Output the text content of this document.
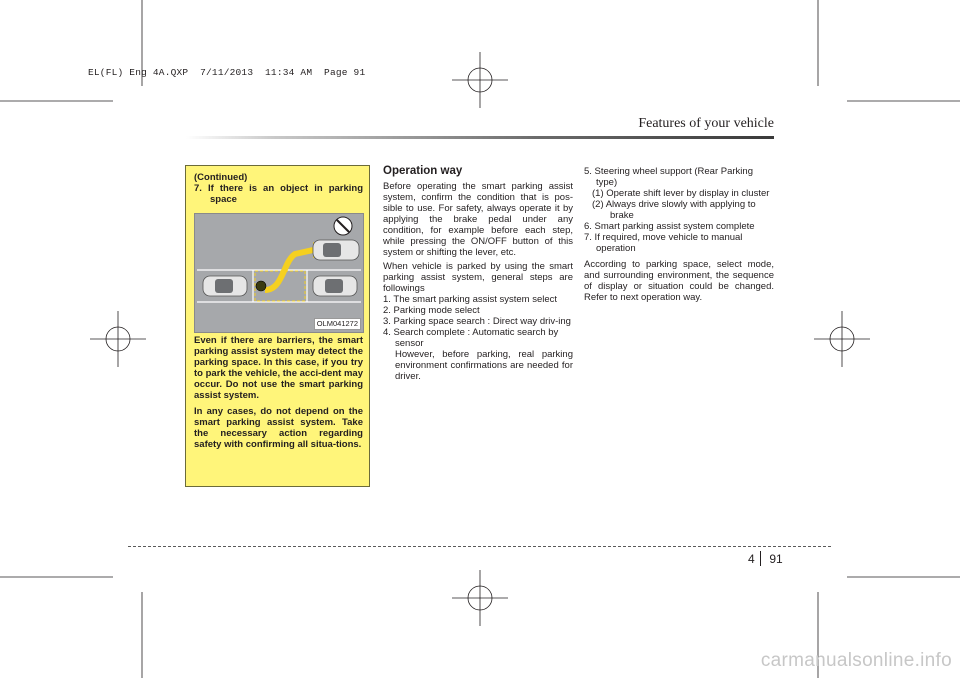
EL(FL) Eng 4A.QXP  7/11/2013  11:34 AM  Page 91
Features of your vehicle

(Continued)

7. If there is an object in parking space

OLM041272

Even if there are barriers, the smart parking assist system may detect the parking space. In this case, if you try to park the vehicle, the acci-dent may occur. Do not use the smart parking assist system.

In any cases, do not depend on the smart parking assist system. Take the necessary action regarding safety with confirming all situa-tions.

Operation way

Before operating the smart parking assist system, confirm the condition that is pos-sible to use. For safety, always operate it by applying the brake pedal under any condition, for example before each step, while pressing the ON/OFF button of this system or shifting the lever, etc.

When vehicle is parked by using the smart parking assist system, general steps are followings

1. The smart parking assist system select

2. Parking mode select

3. Parking space search : Direct way driv-ing

4. Search complete : Automatic search by sensor

However, before parking, real parking environment confirmations are needed for driver.

5. Steering wheel support (Rear Parking type)

(1) Operate shift lever by display in cluster

(2) Always drive slowly with applying to brake

6. Smart parking assist system complete

7. If required, move vehicle to manual operation

According to parking space, select mode, and surrounding environment, the sequence of display or situation could be changed. Refer to next operation way.

4 91
carmanualsonline.info
